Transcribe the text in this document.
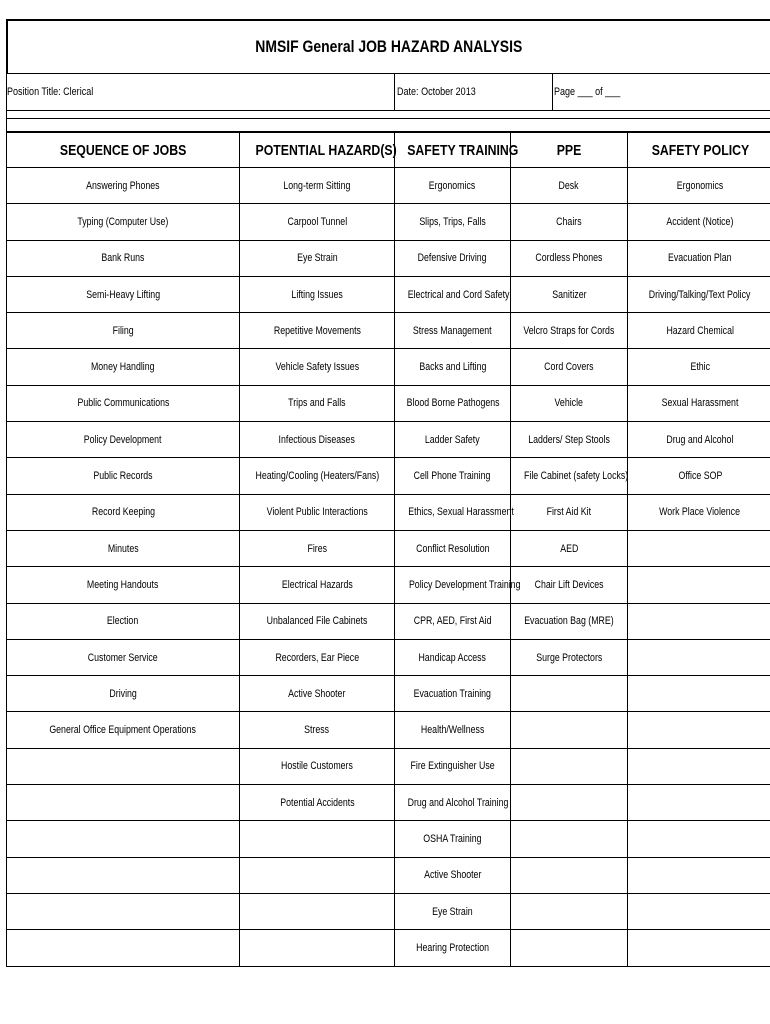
NMSIF General JOB HAZARD ANALYSIS
Position Title: Clerical	Date: October 2013	Page ___ of ___
SEQUENCE OF JOBS	POTENTIAL HAZARD(S)	SAFETY TRAINING	PPE	SAFETY POLICY
Answering Phones	Long-term Sitting	Ergonomics	Desk	Ergonomics
Typing (Computer Use)	Carpool Tunnel	Slips, Trips, Falls	Chairs	Accident (Notice)
Bank Runs	Eye Strain	Defensive Driving	Cordless Phones	Evacuation Plan
Semi-Heavy Lifting	Lifting Issues	Electrical and Cord Safety	Sanitizer	Driving/Talking/Text Policy
Filing	Repetitive Movements	Stress Management	Velcro Straps for Cords	Hazard Chemical
Money Handling	Vehicle Safety Issues	Backs and Lifting	Cord Covers	Ethic
Public Communications	Trips and Falls	Blood Borne Pathogens	Vehicle	Sexual Harassment
Policy Development	Infectious Diseases	Ladder Safety	Ladders/ Step Stools	Drug and Alcohol
Public Records	Heating/Cooling (Heaters/Fans)	Cell Phone Training	File Cabinet (safety Locks)	Office SOP
Record Keeping	Violent Public Interactions	Ethics, Sexual Harassment	First Aid Kit	Work Place Violence
Minutes	Fires	Conflict Resolution	AED	
Meeting Handouts	Electrical Hazards	Policy Development Training	Chair Lift Devices	
Election	Unbalanced File Cabinets	CPR, AED, First Aid	Evacuation Bag (MRE)	
Customer Service	Recorders, Ear Piece	Handicap Access	Surge Protectors	
Driving	Active Shooter	Evacuation Training		
General Office Equipment Operations	Stress	Health/Wellness		
	Hostile Customers	Fire Extinguisher Use		
	Potential Accidents	Drug and Alcohol Training		
		OSHA Training		
		Active Shooter		
		Eye Strain		
		Hearing Protection		
